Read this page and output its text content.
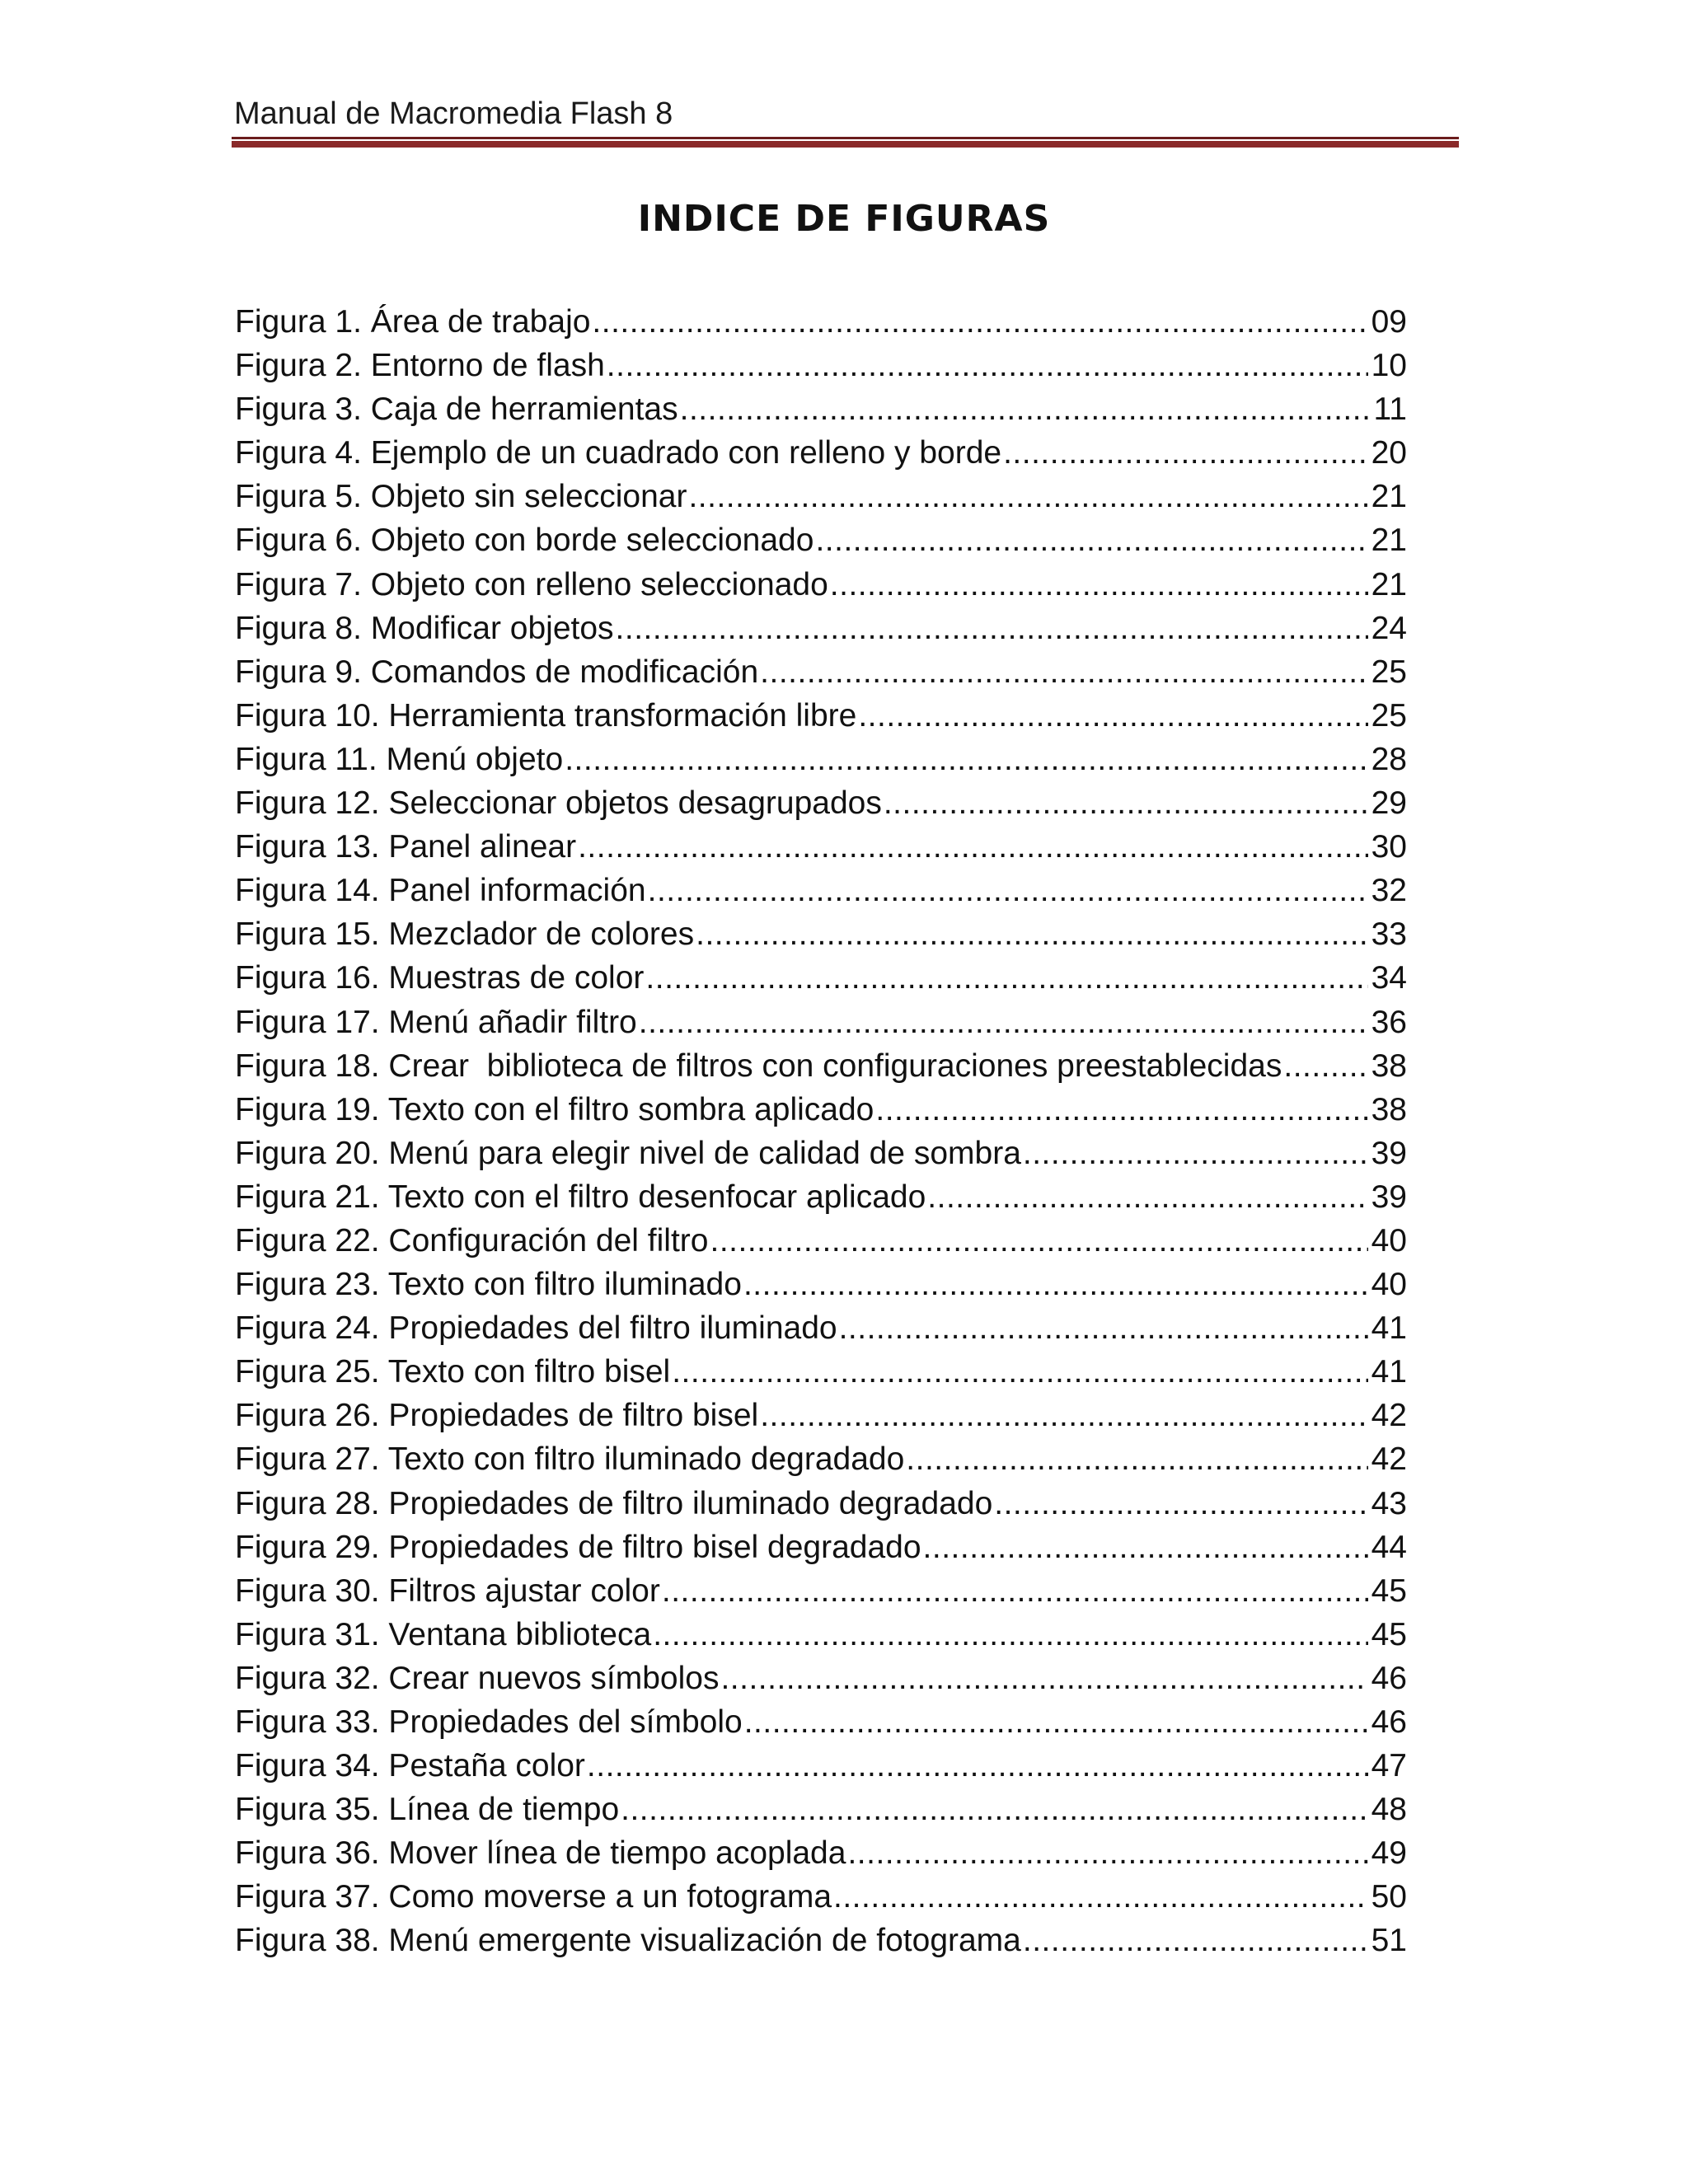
Manual de Macromedia Flash 8
INDICE DE FIGURAS
Figura 1. Área de trabajo .....	09
Figura 2. Entorno de flash .....	10
Figura 3. Caja de herramientas .....	11
Figura 4. Ejemplo de un cuadrado con relleno y borde .....	20
Figura 5. Objeto sin seleccionar .....	21
Figura 6. Objeto con borde seleccionado .....	21
Figura 7. Objeto con relleno seleccionado .....	21
Figura 8. Modificar objetos .....	24
Figura 9. Comandos de modificación .....	25
Figura 10. Herramienta transformación libre .....	25
Figura 11. Menú objeto .....	28
Figura 12. Seleccionar objetos desagrupados .....	29
Figura 13. Panel alinear .....	30
Figura 14. Panel información .....	32
Figura 15. Mezclador de colores .....	33
Figura 16. Muestras de color .....	34
Figura 17. Menú añadir filtro .....	36
Figura 18. Crear  biblioteca de filtros con configuraciones preestablecidas .....	38
Figura 19. Texto con el filtro sombra aplicado .....	38
Figura 20. Menú para elegir nivel de calidad de sombra .....	39
Figura 21. Texto con el filtro desenfocar aplicado .....	39
Figura 22. Configuración del filtro .....	40
Figura 23. Texto con filtro iluminado .....	40
Figura 24. Propiedades del filtro iluminado .....	41
Figura 25. Texto con filtro bisel .....	41
Figura 26. Propiedades de filtro bisel .....	42
Figura 27. Texto con filtro iluminado degradado .....	42
Figura 28. Propiedades de filtro iluminado degradado .....	43
Figura 29. Propiedades de filtro bisel degradado .....	44
Figura 30. Filtros ajustar color .....	45
Figura 31. Ventana biblioteca .....	45
Figura 32. Crear nuevos símbolos .....	46
Figura 33. Propiedades del símbolo .....	46
Figura 34. Pestaña color .....	47
Figura 35. Línea de tiempo .....	48
Figura 36. Mover línea de tiempo acoplada .....	49
Figura 37. Como moverse a un fotograma .....	50
Figura 38. Menú emergente visualización de fotograma .....	51
